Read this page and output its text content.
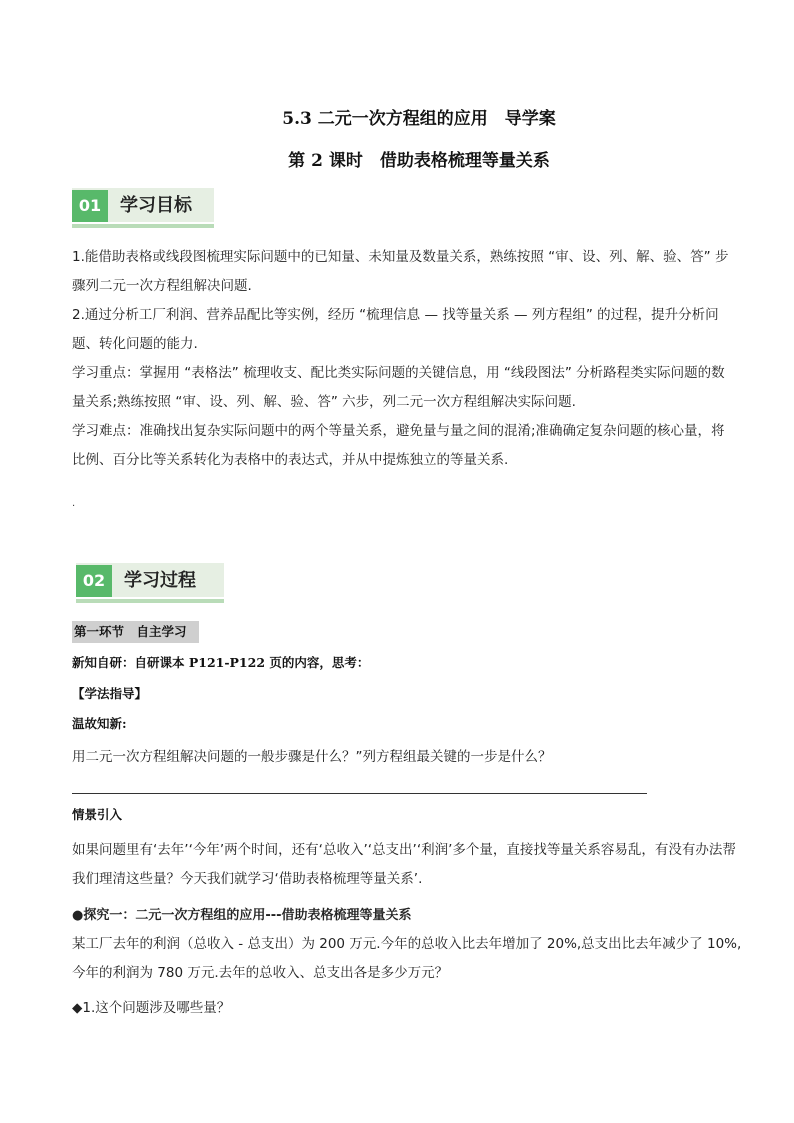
5.3 二元一次方程组的应用　导学案
第 2 课时　借助表格梳理等量关系
01	学习目标

1.能借助表格或线段图梳理实际问题中的已知量、未知量及数量关系，熟练按照 “审、设、列、解、验、答” 步骤列二元一次方程组解决问题.

2.通过分析工厂利润、营养品配比等实例，经历 “梳理信息 — 找等量关系 — 列方程组” 的过程，提升分析问题、转化问题的能力.

学习重点：掌握用 “表格法” 梳理收支、配比类实际问题的关键信息，用 “线段图法” 分析路程类实际问题的数量关系;熟练按照 “审、设、列、解、验、答” 六步，列二元一次方程组解决实际问题.

学习难点：准确找出复杂实际问题中的两个等量关系，避免量与量之间的混淆;准确确定复杂问题的核心量，将比例、百分比等关系转化为表格中的表达式，并从中提炼独立的等量关系.

.
02	学习过程
第一环节　自主学习
新知自研：自研课本 P121-P122 页的内容，思考：
【学法指导】
温故知新:
用二元一次方程组解决问题的一般步骤是什么？”列方程组最关键的一步是什么？
情景引入
如果问题里有‘去年’‘今年’两个时间，还有‘总收入’‘总支出’‘利润’多个量，直接找等量关系容易乱，有没有办法帮我们理清这些量？今天我们就学习‘借助表格梳理等量关系’.
●探究一：二元一次方程组的应用---借助表格梳理等量关系
某工厂去年的利润（总收入 - 总支出）为 200 万元.今年的总收入比去年增加了 20%,总支出比去年减少了 10%,今年的利润为 780 万元.去年的总收入、总支出各是多少万元？
◆1.这个问题涉及哪些量？
